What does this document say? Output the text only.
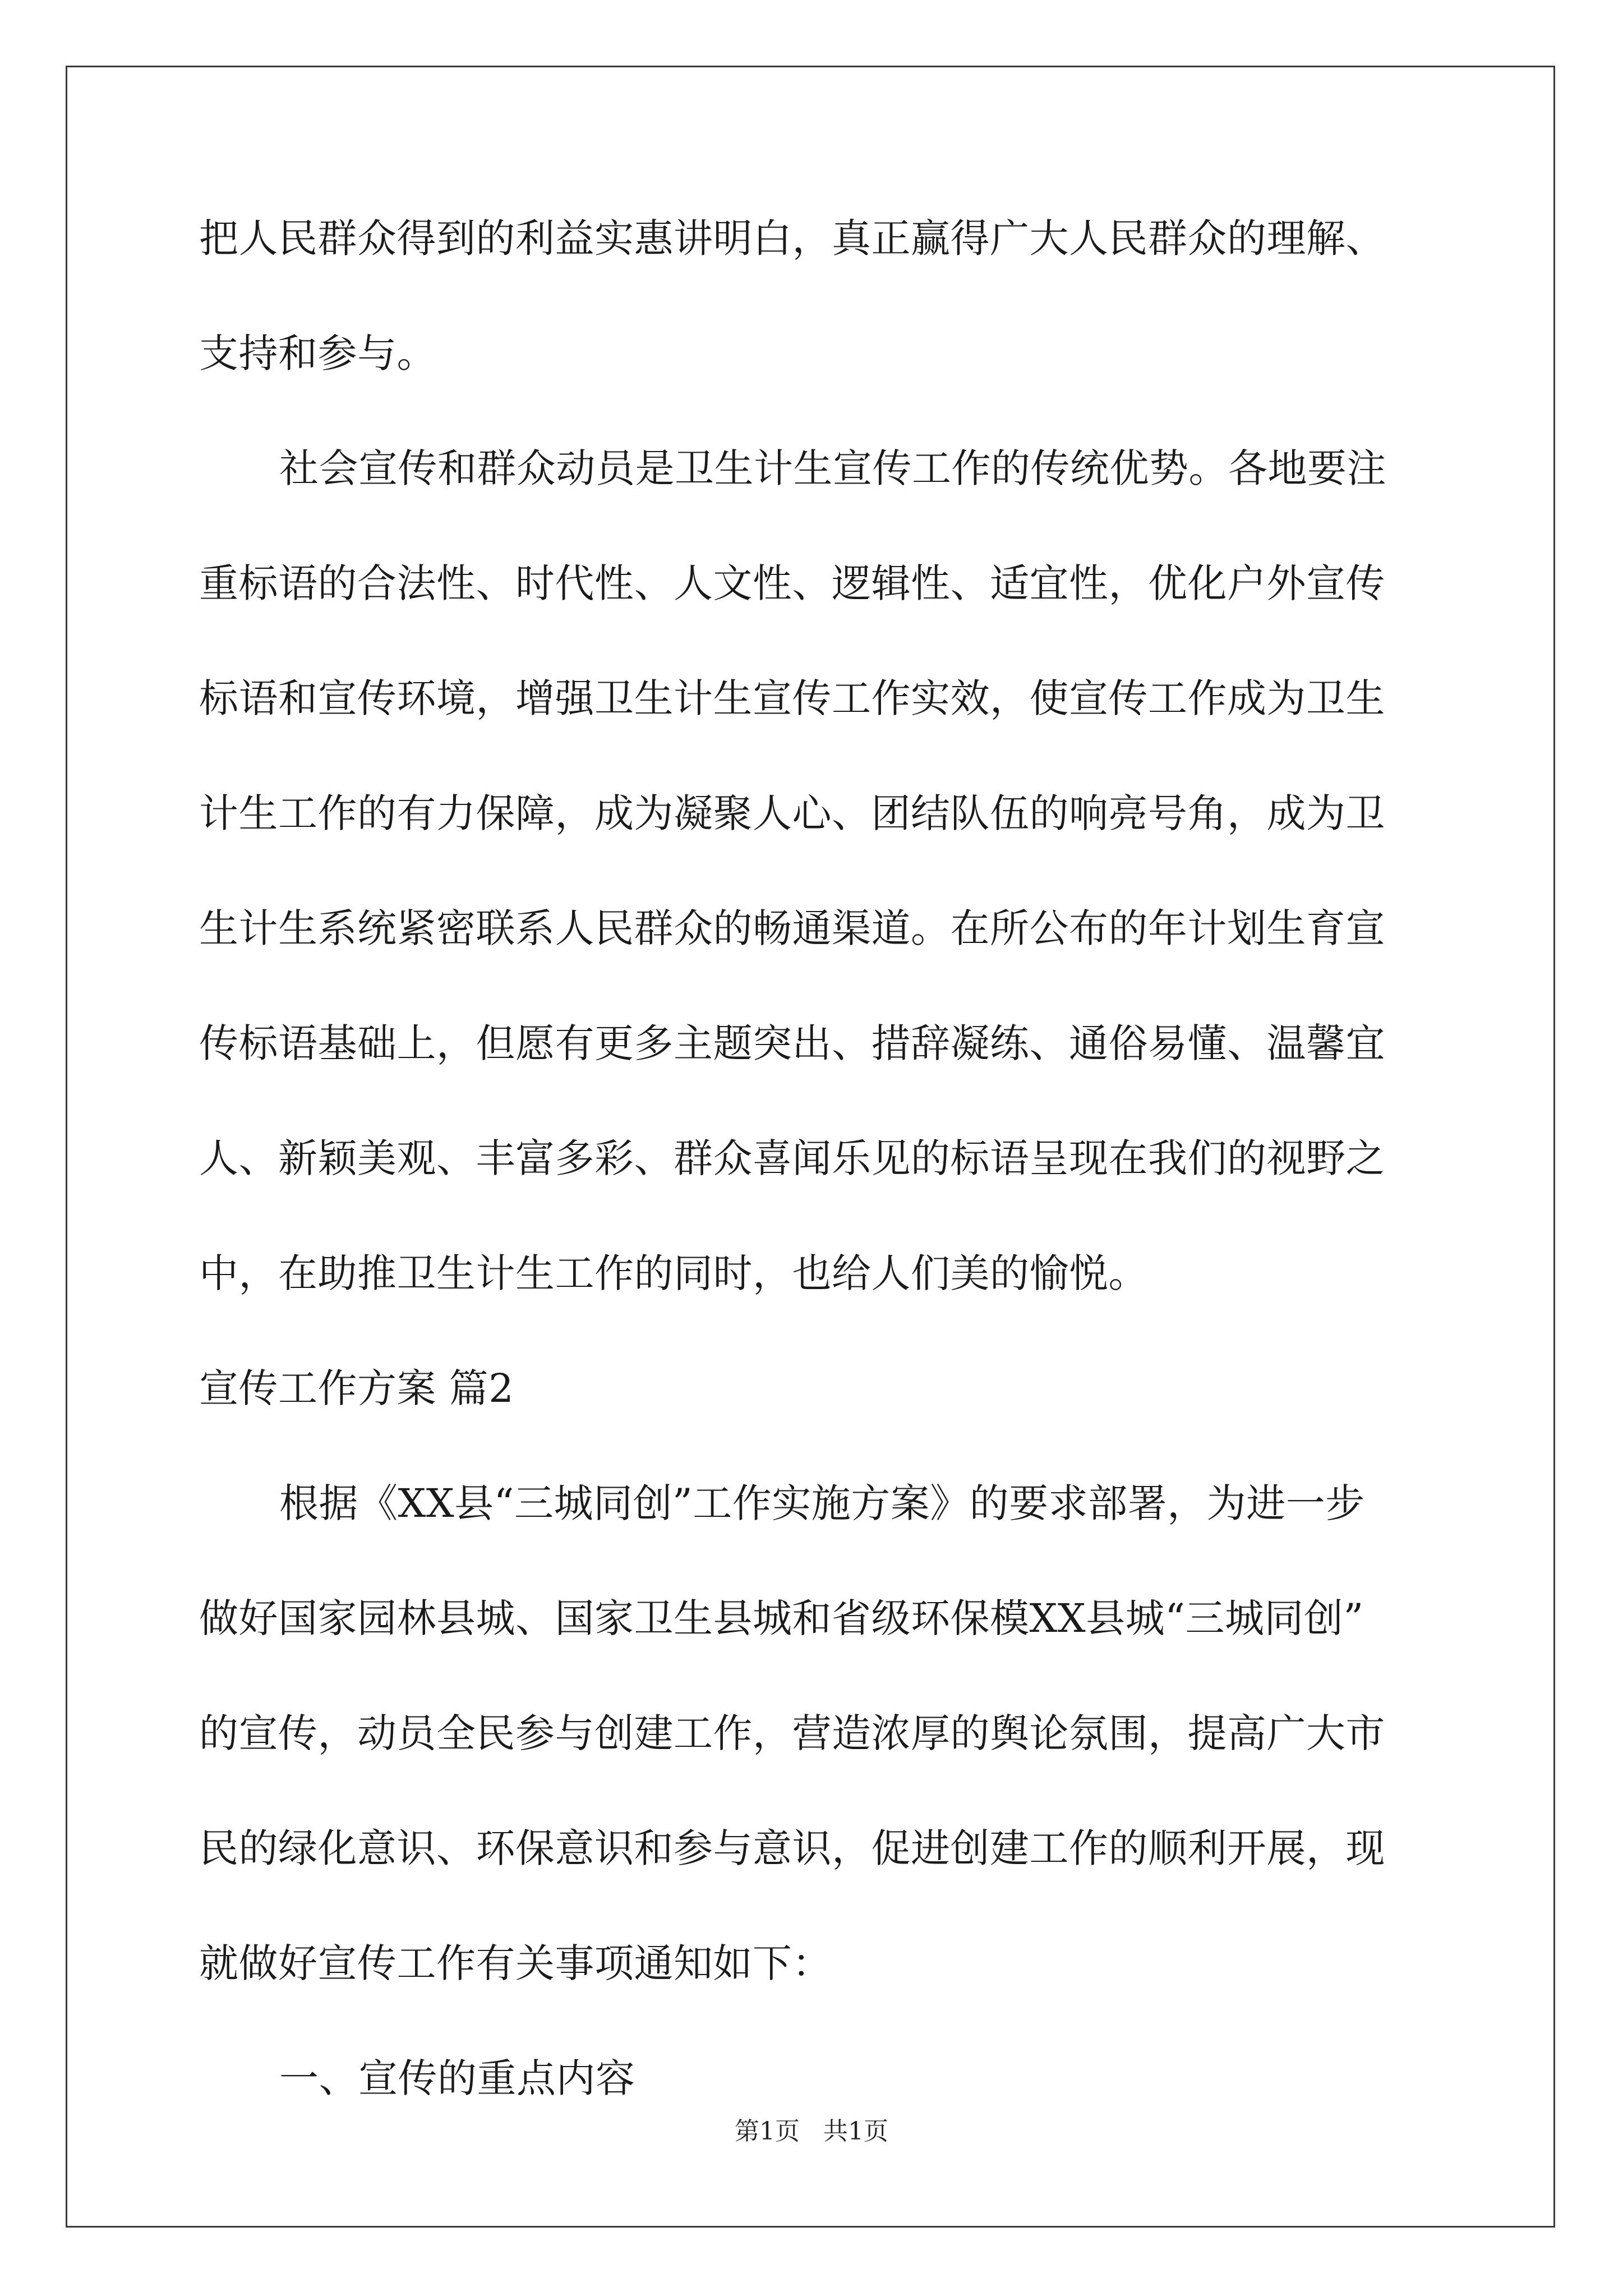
把人民群众得到的利益实惠讲明白，真正赢得广大人民群众的理解、
支持和参与。
社会宣传和群众动员是卫生计生宣传工作的传统优势。各地要注
重标语的合法性、时代性、人文性、逻辑性、适宜性，优化户外宣传
标语和宣传环境，增强卫生计生宣传工作实效，使宣传工作成为卫生
计生工作的有力保障，成为凝聚人心、团结队伍的响亮号角，成为卫
生计生系统紧密联系人民群众的畅通渠道。在所公布的年计划生育宣
传标语基础上，但愿有更多主题突出、措辞凝练、通俗易懂、温馨宜
人、新颖美观、丰富多彩、群众喜闻乐见的标语呈现在我们的视野之
中，在助推卫生计生工作的同时，也给人们美的愉悦。
宣传工作方案 篇2
根据《XX县“三城同创”工作实施方案》的要求部署，为进一步
做好国家园林县城、国家卫生县城和省级环保模XX县城“三城同创”
的宣传，动员全民参与创建工作，营造浓厚的舆论氛围，提高广大市
民的绿化意识、环保意识和参与意识，促进创建工作的顺利开展，现
就做好宣传工作有关事项通知如下：
一、宣传的重点内容
第1页   共1页
